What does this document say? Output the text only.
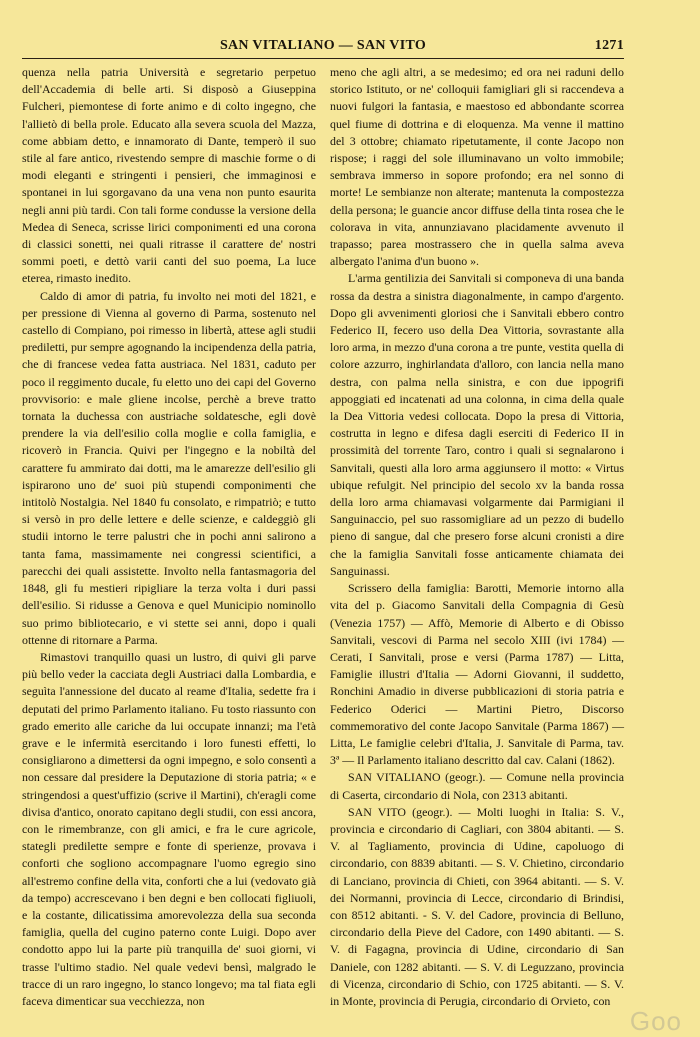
SAN VITALIANO — SAN VITO	1271

quenza nella patria Università e segretario perpetuo dell'Accademia di belle arti. Si disposò a Giuseppina Fulcheri, piemontese di forte animo e di colto ingegno, che l'allietò di bella prole. Educato alla severa scuola del Mazza, come abbiam detto, e innamorato di Dante, temperò il suo stile al fare antico, rivestendo sempre di maschie forme o di modi eleganti e stringenti i pensieri, che immaginosi e spontanei in lui sgorgavano da una vena non punto esaurita negli anni più tardi. Con tali forme condusse la versione della Medea di Seneca, scrisse lirici componimenti ed una corona di classici sonetti, nei quali ritrasse il carattere de' nostri sommi poeti, e dettò varii canti del suo poema, La luce eterea, rimasto inedito.

Caldo di amor di patria, fu involto nei moti del 1821, e per pressione di Vienna al governo di Parma, sostenuto nel castello di Compiano, poi rimesso in libertà, attese agli studii prediletti, pur sempre agognando la incipendenza della patria, che di francese vedea fatta austriaca. Nel 1831, caduto per poco il reggimento ducale, fu eletto uno dei capi del Governo provvisorio: e male gliene incolse, perchè a breve tratto tornata la duchessa con austriache soldatesche, egli dovè prendere la via dell'esilio colla moglie e colla famiglia, e ricoverò in Francia. Quivi per l'ingegno e la nobiltà del carattere fu ammirato dai dotti, ma le amarezze dell'esilio gli ispirarono uno de' suoi più stupendi componimenti che intitolò Nostalgia. Nel 1840 fu consolato, e rimpatriò; e tutto si versò in pro delle lettere e delle scienze, e caldeggiò gli studii intorno le terre palustri che in pochi anni salirono a tanta fama, massimamente nei congressi scientifici, a parecchi dei quali assistette. Involto nella fantasmagoria del 1848, gli fu mestieri ripigliare la terza volta i duri passi dell'esilio. Si ridusse a Genova e quel Municipio nominollo suo primo bibliotecario, e vi stette sei anni, dopo i quali ottenne di ritornare a Parma.

Rimastovi tranquillo quasi un lustro, di quivi gli parve più bello veder la cacciata degli Austriaci dalla Lombardia, e seguìta l'annessione del ducato al reame d'Italia, sedette fra i deputati del primo Parlamento italiano. Fu tosto riassunto con grado emerito alle cariche da lui occupate innanzi; ma l'età grave e le infermità esercitando i loro funesti effetti, lo consigliarono a dimettersi da ogni impegno, e solo consentì a non cessare dal presidere la Deputazione di storia patria; « e stringendosi a quest'uffizio (scrive il Martini), ch'eragli come divisa d'antico, onorato capitano degli studii, con essi ancora, con le rimembranze, con gli amici, e fra le cure agricole, stategli predilette sempre e fonte di sperienze, provava i conforti che sogliono accompagnare l'uomo egregio sino all'estremo confine della vita, conforti che a lui (vedovato già da tempo) accrescevano i ben degni e ben collocati figliuoli, e la costante, dilicatissima amorevolezza della sua seconda famiglia, quella del cugino paterno conte Luigi. Dopo aver condotto appo lui la parte più tranquilla de' suoi giorni, vi trasse l'ultimo stadio. Nel quale vedevi bensì, malgrado le tracce di un raro ingegno, lo stanco longevo; ma tal fiata egli faceva dimenticar sua vecchiezza, non

meno che agli altri, a se medesimo; ed ora nei raduni dello storico Istituto, or ne' colloquii famigliari gli si raccendeva a nuovi fulgori la fantasia, e maestoso ed abbondante scorrea quel fiume di dottrina e di eloquenza. Ma venne il mattino del 3 ottobre; chiamato ripetutamente, il conte Jacopo non rispose; i raggi del sole illuminavano un volto immobile; sembrava immerso in sopore profondo; era nel sonno di morte! Le sembianze non alterate; mantenuta la compostezza della persona; le guancie ancor diffuse della tinta rosea che le colorava in vita, annunziavano placidamente avvenuto il trapasso; parea mostrassero che in quella salma aveva albergato l'anima d'un buono ».

L'arma gentilizia dei Sanvitali si componeva di una banda rossa da destra a sinistra diagonalmente, in campo d'argento. Dopo gli avvenimenti gloriosi che i Sanvitali ebbero contro Federico II, fecero uso della Dea Vittoria, sovrastante alla loro arma, in mezzo d'una corona a tre punte, vestita quella di colore azzurro, inghirlandata d'alloro, con lancia nella mano destra, con palma nella sinistra, e con due ippogrifi appoggiati ed incatenati ad una colonna, in cima della quale la Dea Vittoria vedesi collocata. Dopo la presa di Vittoria, costrutta in legno e difesa dagli eserciti di Federico II in prossimità del torrente Taro, contro i quali si segnalarono i Sanvitali, questi alla loro arma aggiunsero il motto: « Virtus ubique refulgit. Nel principio del secolo xv la banda rossa della loro arma chiamavasi volgarmente dai Parmigiani il Sanguinaccio, pel suo rassomigliare ad un pezzo di budello pieno di sangue, dal che presero forse alcuni cronisti a dire che la famiglia Sanvitali fosse anticamente chiamata dei Sanguinassi.

Scrissero della famiglia: Barotti, Memorie intorno alla vita del p. Giacomo Sanvitali della Compagnia di Gesù (Venezia 1757) — Affò, Memorie di Alberto e di Obisso Sanvitali, vescovi di Parma nel secolo XIII (ivi 1784) — Cerati, I Sanvitali, prose e versi (Parma 1787) — Litta, Famiglie illustri d'Italia — Adorni Giovanni, il suddetto, Ronchini Amadio in diverse pubblicazioni di storia patria e Federico Oderici — Martini Pietro, Discorso commemorativo del conte Jacopo Sanvitale (Parma 1867) — Litta, Le famiglie celebri d'Italia, J. Sanvitale di Parma, tav. 3ª — Il Parlamento italiano descritto dal cav. Calani (1862).

SAN VITALIANO (geogr.). — Comune nella provincia di Caserta, circondario di Nola, con 2313 abitanti.

SAN VITO (geogr.). — Molti luoghi in Italia: S. V., provincia e circondario di Cagliari, con 3804 abitanti. — S. V. al Tagliamento, provincia di Udine, capoluogo di circondario, con 8839 abitanti. — S. V. Chietino, circondario di Lanciano, provincia di Chieti, con 3964 abitanti. — S. V. dei Normanni, provincia di Lecce, circondario di Brindisi, con 8512 abitanti. - S. V. del Cadore, provincia di Belluno, circondario della Pieve del Cadore, con 1490 abitanti. — S. V. di Fagagna, provincia di Udine, circondario di San Daniele, con 1282 abitanti. — S. V. di Leguzzano, provincia di Vicenza, circondario di Schio, con 1725 abitanti. — S. V. in Monte, provincia di Perugia, circondario di Orvieto, con

Goo
